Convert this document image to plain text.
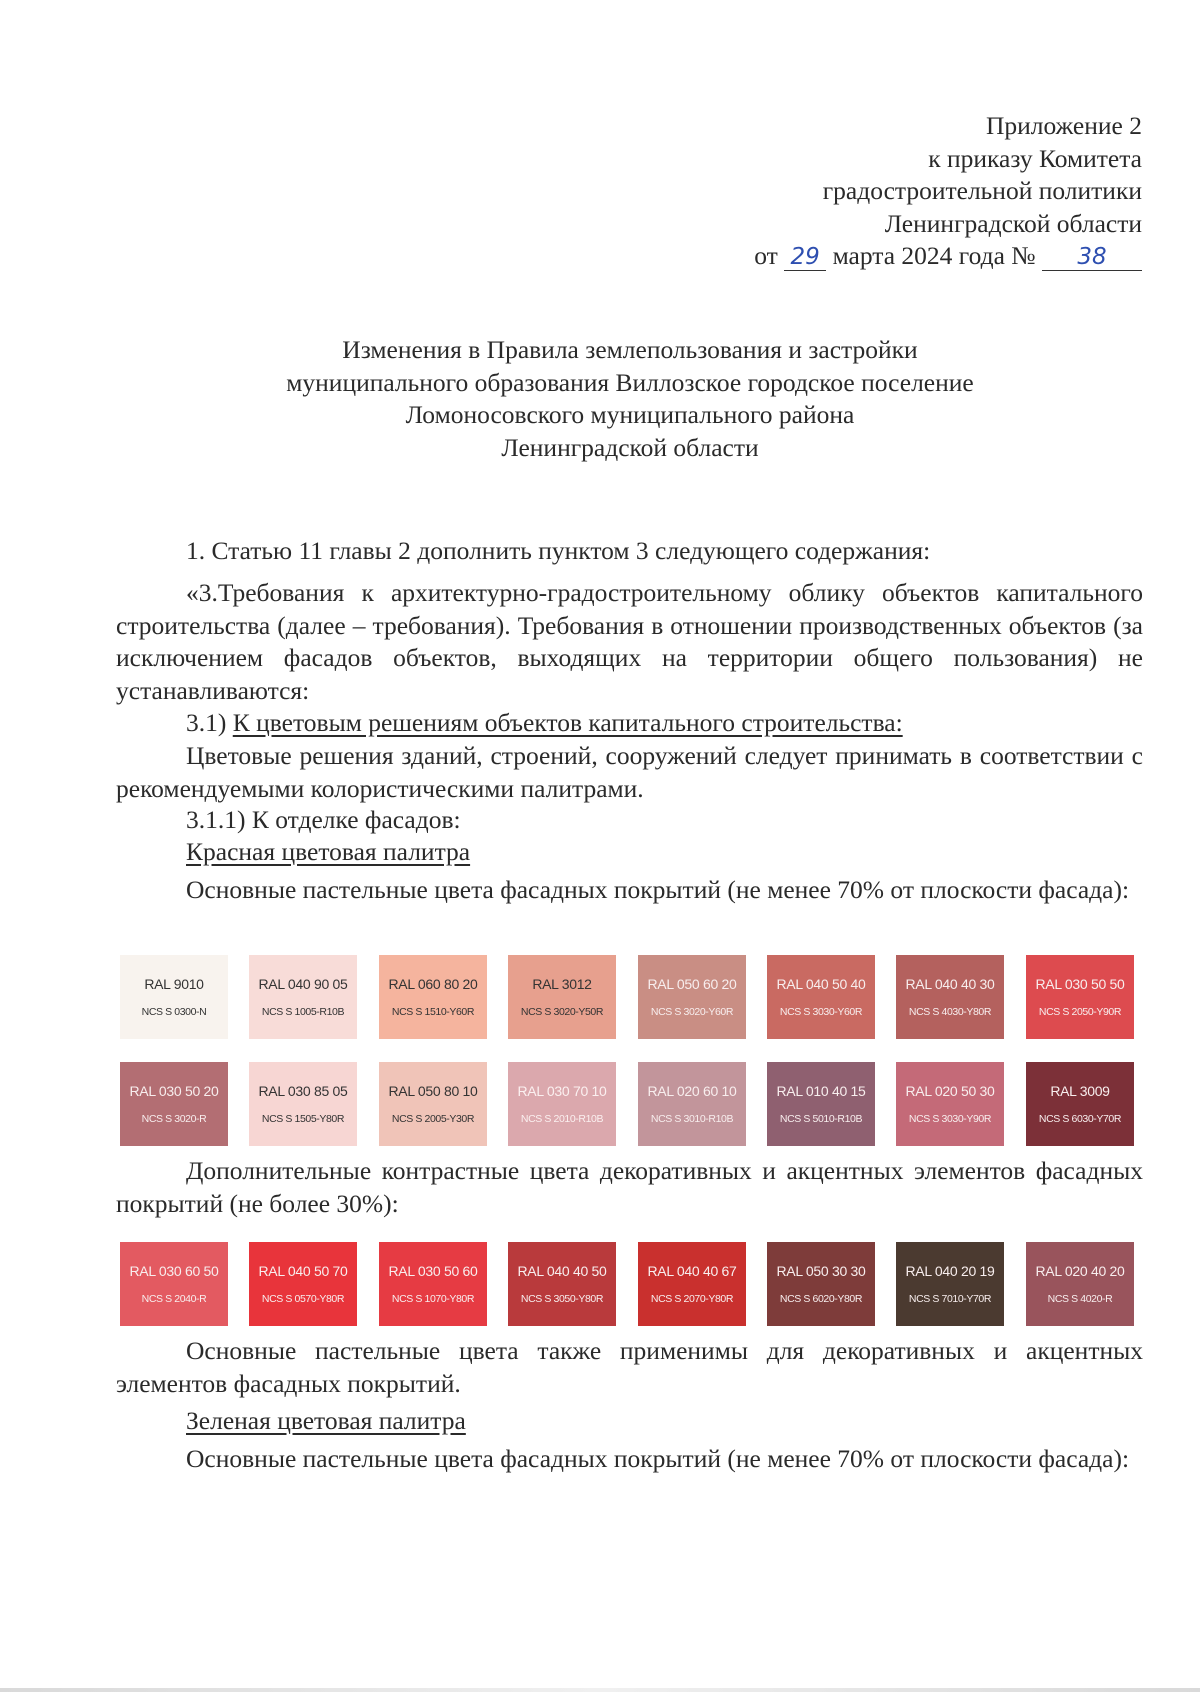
Приложение 2
к приказу Комитета
градостроительной политики
Ленинградской области
от 29 марта 2024 года № 38
Изменения в Правила землепользования и застройки
муниципального образования Виллозское городское поселение
Ломоносовского муниципального района
Ленинградской области
1. Статью 11 главы 2 дополнить пунктом 3 следующего содержания:
«3.Требования к архитектурно-градостроительному облику объектов капитального строительства (далее – требования). Требования в отношении производственных объектов (за исключением фасадов объектов, выходящих на территории общего пользования) не устанавливаются:
3.1) К цветовым решениям объектов капитального строительства:
Цветовые решения зданий, строений, сооружений следует принимать в соответствии с рекомендуемыми колористическими палитрами.
3.1.1) К отделке фасадов:
Красная цветовая палитра
Основные пастельные цвета фасадных покрытий (не менее 70% от плоскости фасада):
RAL 9010
NCS S 0300-N
RAL 040 90 05
NCS S 1005-R10B
RAL 060 80 20
NCS S 1510-Y60R
RAL 3012
NCS S 3020-Y50R
RAL 050 60 20
NCS S 3020-Y60R
RAL 040 50 40
NCS S 3030-Y60R
RAL 040 40 30
NCS S 4030-Y80R
RAL 030 50 50
NCS S 2050-Y90R
RAL 030 50 20
NCS S 3020-R
RAL 030 85 05
NCS S 1505-Y80R
RAL 050 80 10
NCS S 2005-Y30R
RAL 030 70 10
NCS S 2010-R10B
RAL 020 60 10
NCS S 3010-R10B
RAL 010 40 15
NCS S 5010-R10B
RAL 020 50 30
NCS S 3030-Y90R
RAL 3009
NCS S 6030-Y70R
Дополнительные контрастные цвета декоративных и акцентных элементов фасадных покрытий (не более 30%):
RAL 030 60 50
NCS S 2040-R
RAL 040 50 70
NCS S 0570-Y80R
RAL 030 50 60
NCS S 1070-Y80R
RAL 040 40 50
NCS S 3050-Y80R
RAL 040 40 67
NCS S 2070-Y80R
RAL 050 30 30
NCS S 6020-Y80R
RAL 040 20 19
NCS S 7010-Y70R
RAL 020 40 20
NCS S 4020-R
Основные пастельные цвета также применимы для декоративных и акцентных элементов фасадных покрытий.
Зеленая цветовая палитра
Основные пастельные цвета фасадных покрытий (не менее 70% от плоскости фасада):
